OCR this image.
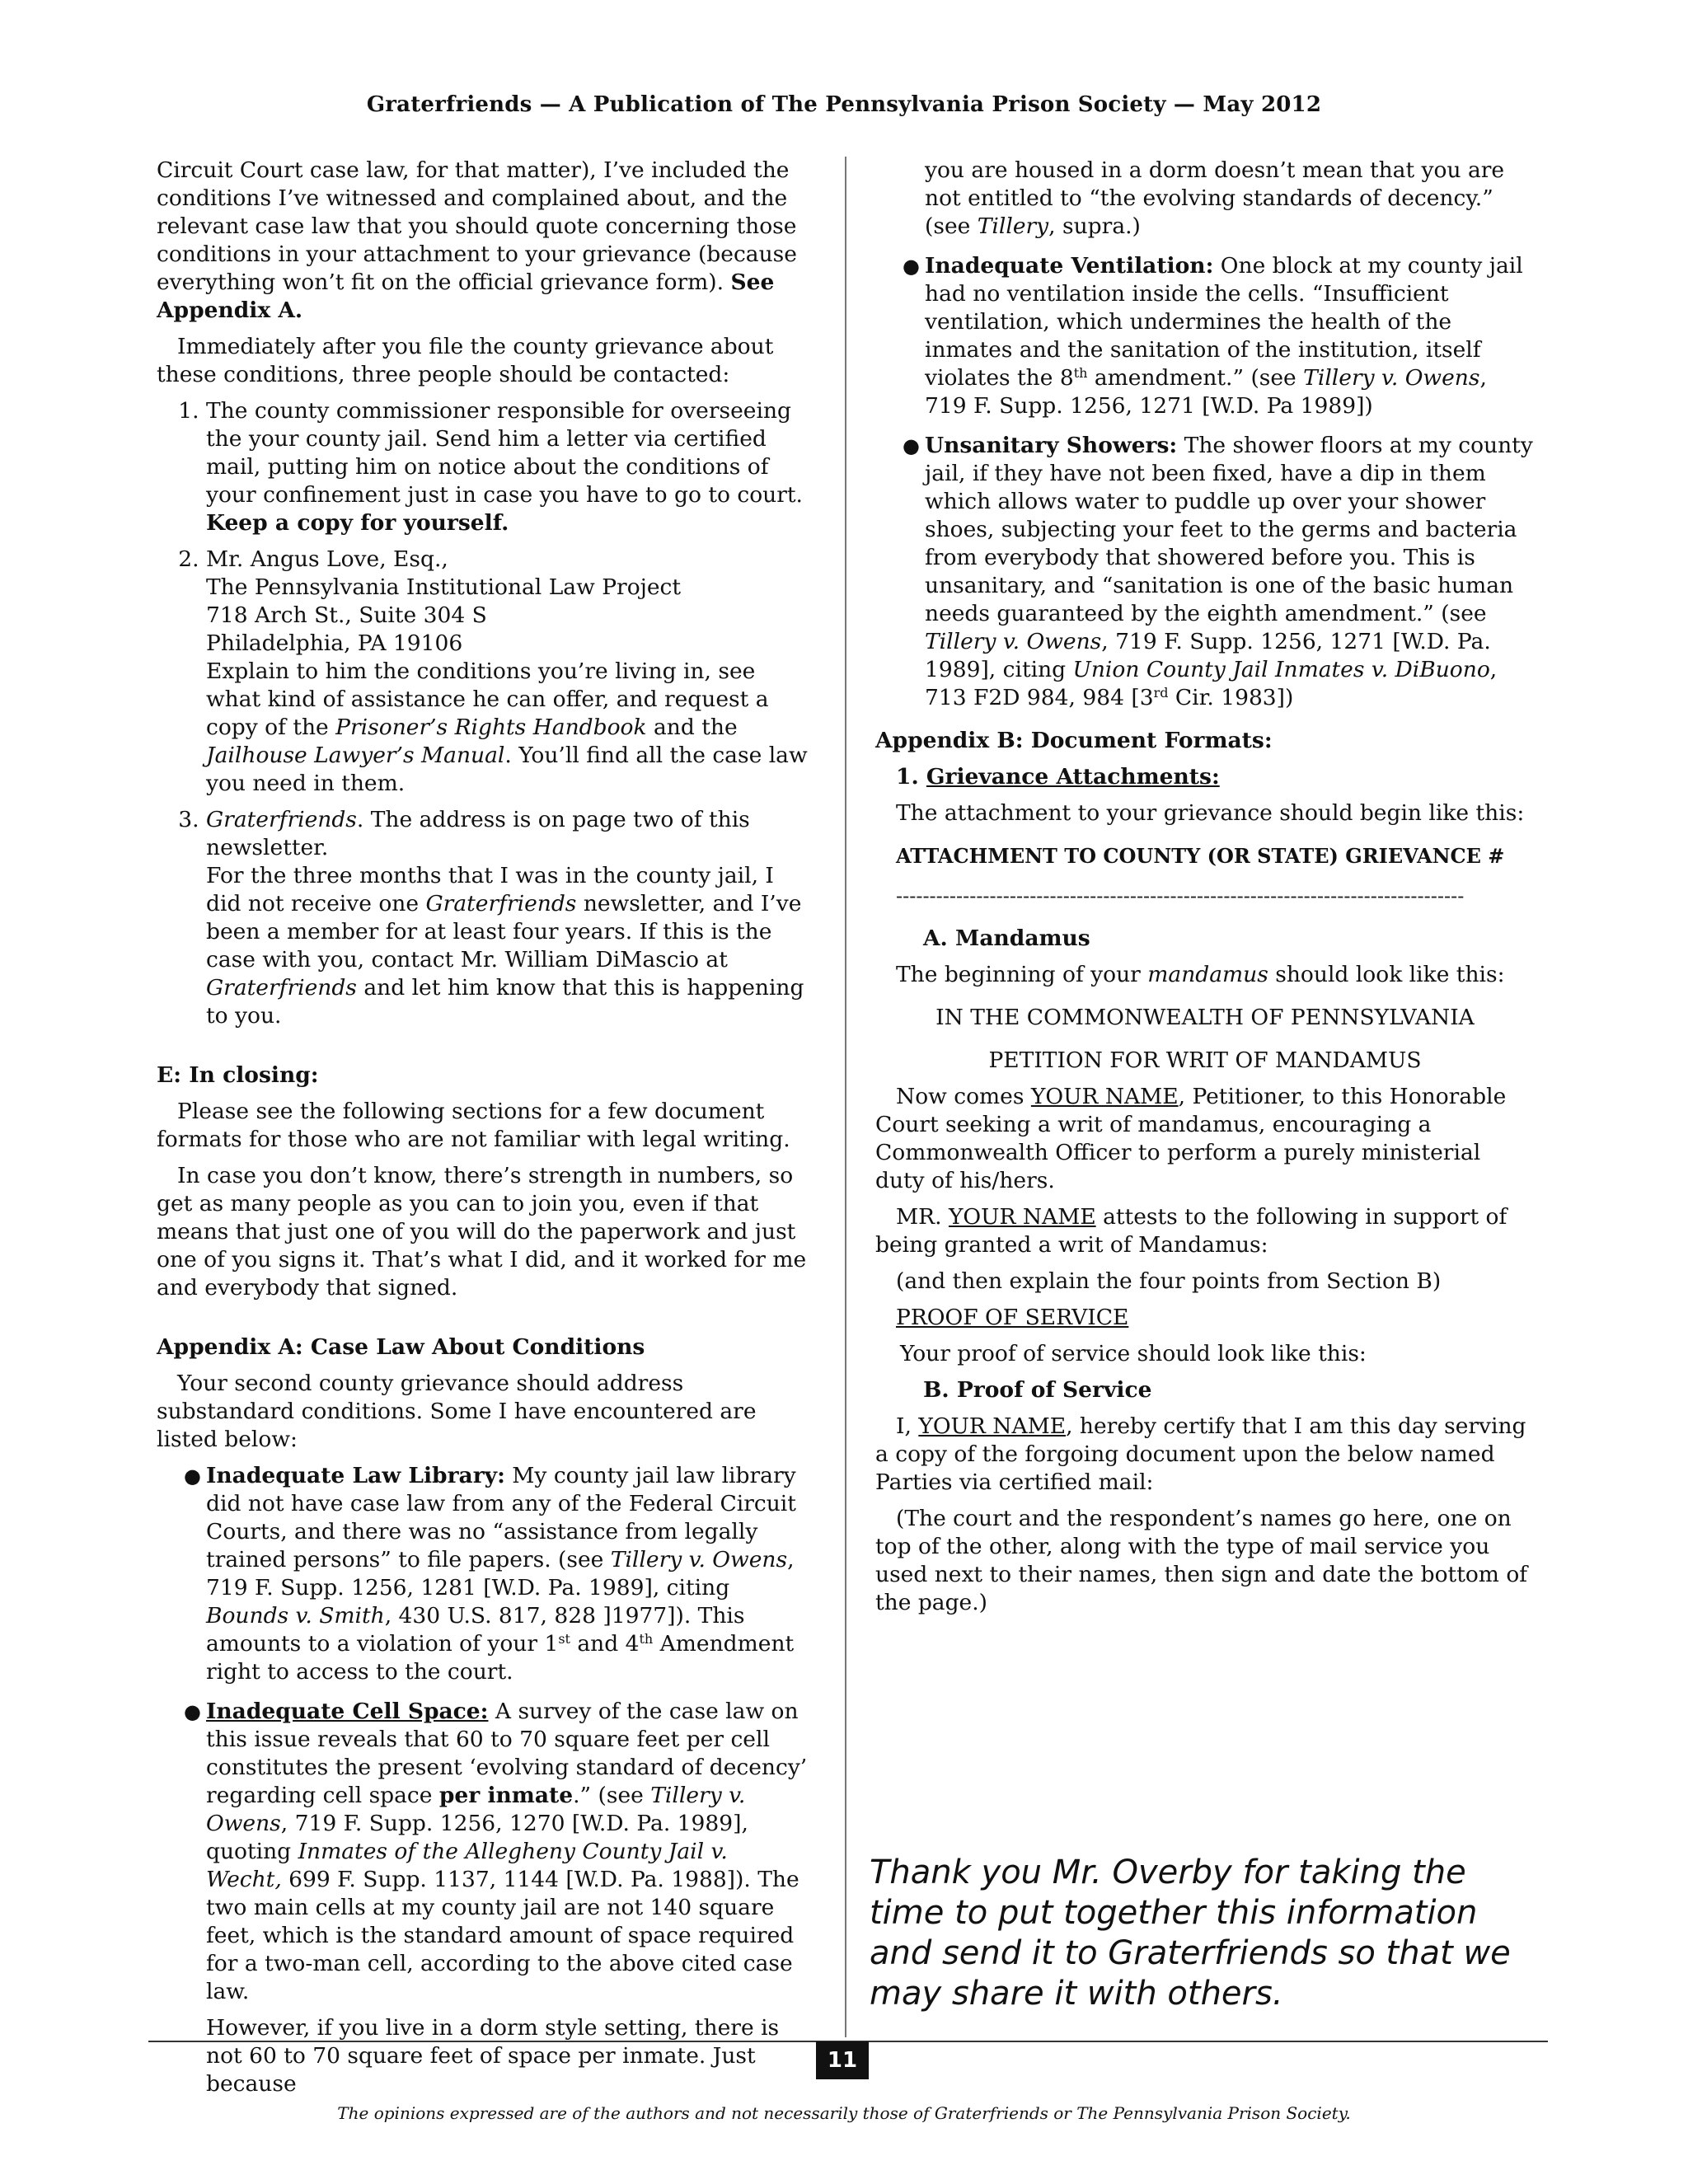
Graterfriends — A Publication of The Pennsylvania Prison Society — May 2012

Circuit Court case law, for that matter), I’ve included the conditions I’ve witnessed and complained about, and the relevant case law that you should quote concerning those conditions in your attachment to your grievance (because everything won’t fit on the official grievance form). See Appendix A.

Immediately after you file the county grievance about these conditions, three people should be contacted:

1. The county commissioner responsible for overseeing the your county jail. Send him a letter via certified mail, putting him on notice about the conditions of your confinement just in case you have to go to court. Keep a copy for yourself.
2. Mr. Angus Love, Esq.,
The Pennsylvania Institutional Law Project
718 Arch St., Suite 304 S
Philadelphia, PA 19106
Explain to him the conditions you’re living in, see what kind of assistance he can offer, and request a copy of the Prisoner’s Rights Handbook and the Jailhouse Lawyer’s Manual. You’ll find all the case law you need in them.
3. Graterfriends. The address is on page two of this newsletter.
For the three months that I was in the county jail, I did not receive one Graterfriends newsletter, and I’ve been a member for at least four years. If this is the case with you, contact Mr. William DiMascio at Graterfriends and let him know that this is happening to you.
E: In closing:

Please see the following sections for a few document formats for those who are not familiar with legal writing.

In case you don’t know, there’s strength in numbers, so get as many people as you can to join you, even if that means that just one of you will do the paperwork and just one of you signs it. That’s what I did, and it worked for me and everybody that signed.

Appendix A: Case Law About Conditions

Your second county grievance should address substandard conditions. Some I have encountered are listed below:

● Inadequate Law Library: My county jail law library did not have case law from any of the Federal Circuit Courts, and there was no “assistance from legally trained persons” to file papers. (see Tillery v. Owens, 719 F. Supp. 1256, 1281 [W.D. Pa. 1989], citing Bounds v. Smith, 430 U.S. 817, 828 ]1977]). This amounts to a violation of your 1st and 4th Amendment right to access to the court.
● Inadequate Cell Space: A survey of the case law on this issue reveals that 60 to 70 square feet per cell constitutes the present ‘evolving standard of decency’ regarding cell space per inmate.” (see Tillery v. Owens, 719 F. Supp. 1256, 1270 [W.D. Pa. 1989], quoting Inmates of the Allegheny County Jail v. Wecht, 699 F. Supp. 1137, 1144 [W.D. Pa. 1988]). The two main cells at my county jail are not 140 square feet, which is the standard amount of space required for a two-man cell, according to the above cited case law.

However, if you live in a dorm style setting, there is not 60 to 70 square feet of space per inmate. Just because

you are housed in a dorm doesn’t mean that you are not entitled to “the evolving standards of decency.” (see Tillery, supra.)
● Inadequate Ventilation: One block at my county jail had no ventilation inside the cells. “Insufficient ventilation, which undermines the health of the inmates and the sanitation of the institution, itself violates the 8th amendment.” (see Tillery v. Owens, 719 F. Supp. 1256, 1271 [W.D. Pa 1989])
● Unsanitary Showers: The shower floors at my county jail, if they have not been fixed, have a dip in them which allows water to puddle up over your shower shoes, subjecting your feet to the germs and bacteria from everybody that showered before you. This is unsanitary, and “sanitation is one of the basic human needs guaranteed by the eighth amendment.” (see Tillery v. Owens, 719 F. Supp. 1256, 1271 [W.D. Pa. 1989], citing Union County Jail Inmates v. DiBuono, 713 F2D 984, 984 [3rd Cir. 1983])
Appendix B: Document Formats:

1. Grievance Attachments:

The attachment to your grievance should begin like this:

ATTACHMENT TO COUNTY (OR STATE) GRIEVANCE #

-------------------------------------------------------------------------------------

A. Mandamus

The beginning of your mandamus should look like this:

IN THE COMMONWEALTH OF PENNSYLVANIA

PETITION FOR WRIT OF MANDAMUS

Now comes YOUR NAME, Petitioner, to this Honorable Court seeking a writ of mandamus, encouraging a Commonwealth Officer to perform a purely ministerial duty of his/hers.

MR. YOUR NAME attests to the following in support of being granted a writ of Mandamus:

(and then explain the four points from Section B)

PROOF OF SERVICE

Your proof of service should look like this:

B. Proof of Service

I, YOUR NAME, hereby certify that I am this day serving a copy of the forgoing document upon the below named Parties via certified mail:

(The court and the respondent’s names go here, one on top of the other, along with the type of mail service you used next to their names, then sign and date the bottom of the page.)

Thank you Mr. Overby for taking the time to put together this information and send it to Graterfriends so that we may share it with others.
11
The opinions expressed are of the authors and not necessarily those of Graterfriends or The Pennsylvania Prison Society.
